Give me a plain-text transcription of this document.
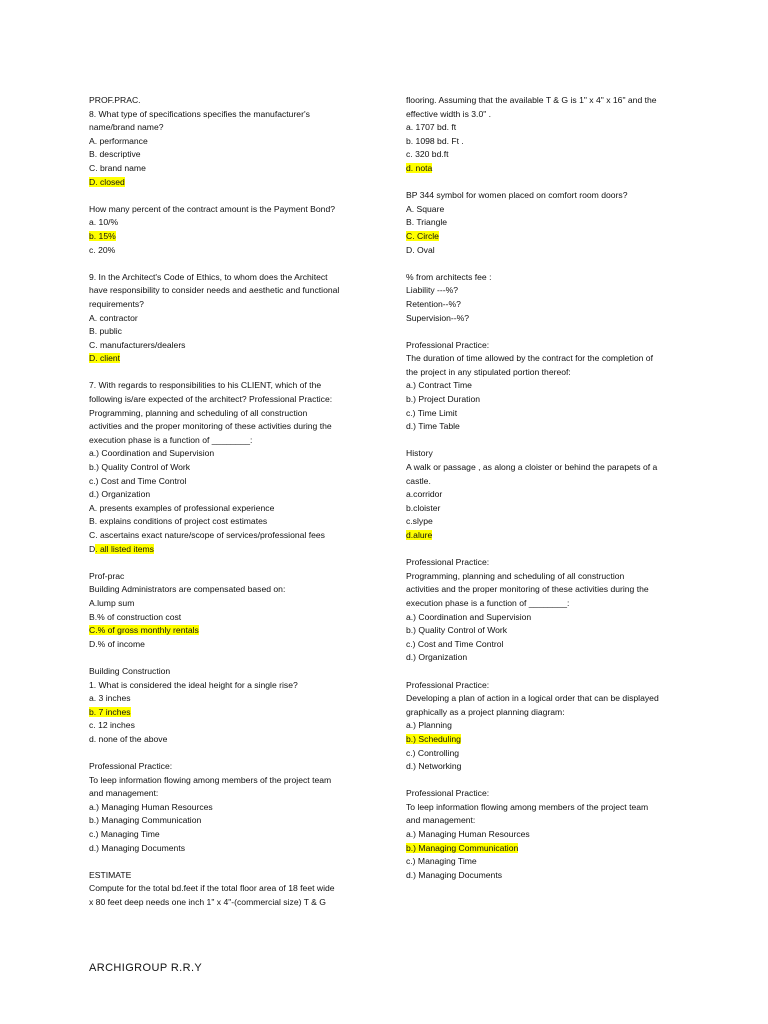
PROF.PRAC.
8. What type of specifications specifies the manufacturer's
name/brand name?
A. performance
B. descriptive
C. brand name
D. closed
How many percent of the contract amount is the Payment Bond?
a. 10/%
b. 15%
c. 20%
9. In the Architect's Code of Ethics, to whom does the Architect
have responsibility to consider needs and aesthetic and functional
requirements?
A. contractor
B. public
C. manufacturers/dealers
D. client
7. With regards to responsibilities to his CLIENT, which of the
following is/are expected of the architect? Professional Practice:
Programming, planning and scheduling of all construction
activities and the proper monitoring of these activities during the
execution phase is a function of ________:
a.) Coordination and Supervision
b.) Quality Control of Work
c.) Cost and Time Control
d.) Organization
A. presents examples of professional experience
B. explains conditions of project cost estimates
C. ascertains exact nature/scope of services/professional fees
D. all listed items
Prof-prac
Building Administrators are compensated based on:
A.lump sum
B.% of construction cost
C.% of gross monthly rentals
D.% of income
Building Construction
1. What is considered the ideal height for a single rise?
a. 3 inches
b. 7 inches
c. 12 inches
d. none of the above
Professional Practice:
To leep information flowing among members of the project team
and management:
a.) Managing Human Resources
b.) Managing Communication
c.) Managing Time
d.) Managing Documents
ESTIMATE
Compute for the total bd.feet if the total floor area of 18 feet wide
x 80 feet deep needs one inch 1" x 4"-(commercial size) T & G
flooring. Assuming that the available T & G is 1" x 4" x 16" and the
effective width is 3.0" .
a. 1707 bd. ft
b. 1098 bd. Ft .
c. 320 bd.ft
d. nota
BP 344 symbol for women placed on comfort room doors?
A. Square
B. Triangle
C. Circle
D. Oval
% from architects fee :
Liability ---%?
Retention--%?
Supervision--%?
Professional Practice:
The duration of time allowed by the contract for the completion of
the project in any stipulated portion thereof:
a.) Contract Time
b.) Project Duration
c.) Time Limit
d.) Time Table
History
A walk or passage , as along a cloister or behind the parapets of a
castle.
a.corridor
b.cloister
c.slype
d.alure
Professional Practice:
Programming, planning and scheduling of all construction
activities and the proper monitoring of these activities during the
execution phase is a function of ________:
a.) Coordination and Supervision
b.) Quality Control of Work
c.) Cost and Time Control
d.) Organization
Professional Practice:
Developing a plan of action in a logical order that can be displayed
graphically as a project planning diagram:
a.) Planning
b.) Scheduling
c.) Controlling
d.) Networking
Professional Practice:
To leep information flowing among members of the project team
and management:
a.) Managing Human Resources
b.) Managing Communication
c.) Managing Time
d.) Managing Documents
ARCHIGROUP R.R.Y
